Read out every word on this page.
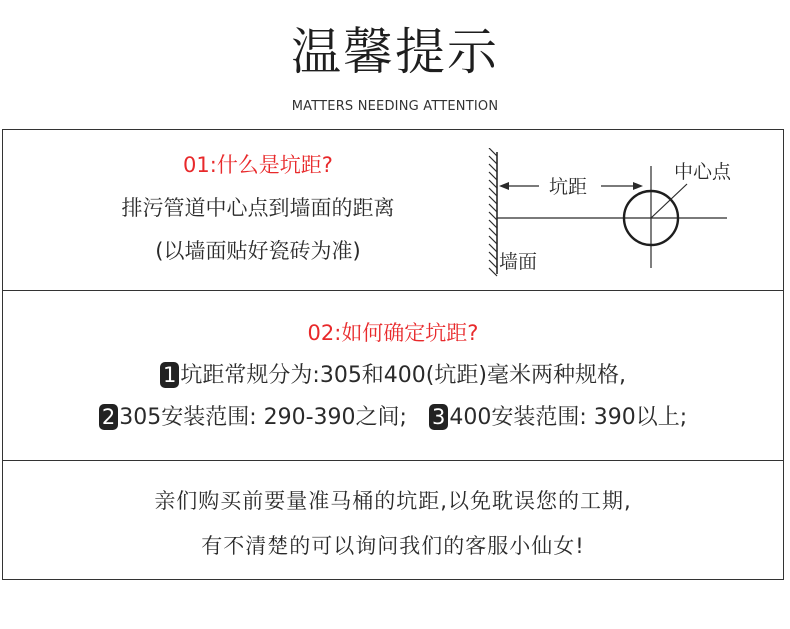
温馨提示
MATTERS NEEDING ATTENTION
01:什么是坑距?
排污管道中心点到墙面的距离
(以墙面贴好瓷砖为准)
坑距
中心点
墙面
02:如何确定坑距?
1 坑距常规分为:305和400(坑距)毫米两种规格,
2 305安装范围: 290-390之间; 3 400安装范围: 390以上;
亲们购买前要量准马桶的坑距,以免耽误您的工期,
有不清楚的可以询问我们的客服小仙女!
